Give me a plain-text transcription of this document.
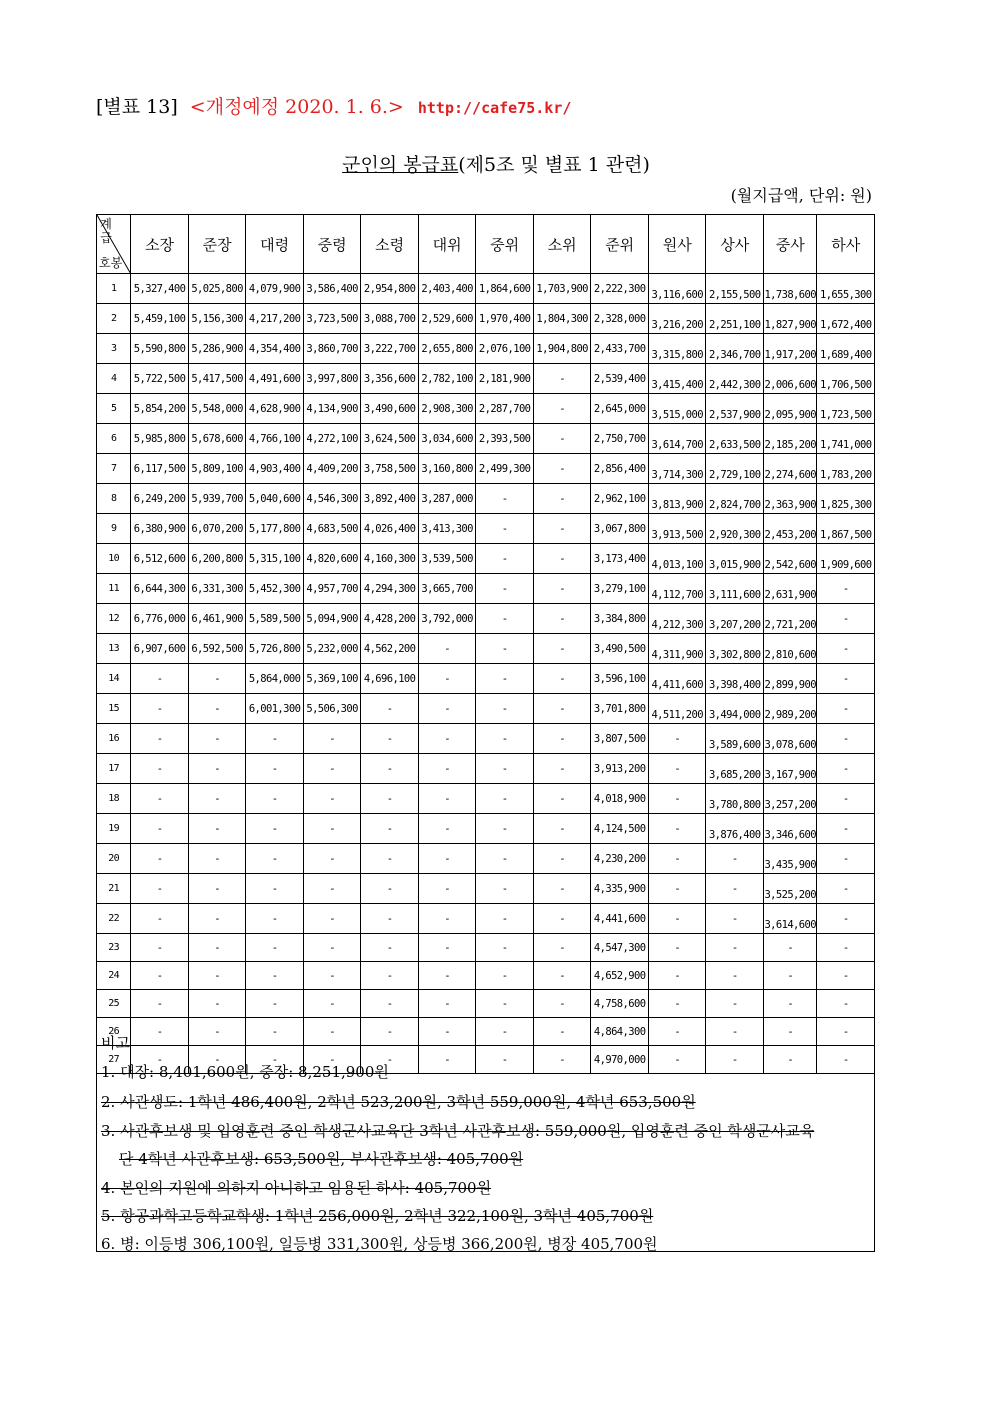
[별표 13] <개정예정 2020. 1. 6.> http://cafe75.kr/
군인의 봉급표(제5조 및 별표 1 관련)
(월지급액, 단위: 원)
계급
호봉	소장	준장	대령	중령	소령	대위	중위	소위	준위	원사	상사	중사	하사
1	5,327,400	5,025,800	4,079,900	3,586,400	2,954,800	2,403,400	1,864,600	1,703,900	2,222,300	3,116,600	2,155,500	1,738,600	1,655,300
2	5,459,100	5,156,300	4,217,200	3,723,500	3,088,700	2,529,600	1,970,400	1,804,300	2,328,000	3,216,200	2,251,100	1,827,900	1,672,400
3	5,590,800	5,286,900	4,354,400	3,860,700	3,222,700	2,655,800	2,076,100	1,904,800	2,433,700	3,315,800	2,346,700	1,917,200	1,689,400
4	5,722,500	5,417,500	4,491,600	3,997,800	3,356,600	2,782,100	2,181,900	-	2,539,400	3,415,400	2,442,300	2,006,600	1,706,500
5	5,854,200	5,548,000	4,628,900	4,134,900	3,490,600	2,908,300	2,287,700	-	2,645,000	3,515,000	2,537,900	2,095,900	1,723,500
6	5,985,800	5,678,600	4,766,100	4,272,100	3,624,500	3,034,600	2,393,500	-	2,750,700	3,614,700	2,633,500	2,185,200	1,741,000
7	6,117,500	5,809,100	4,903,400	4,409,200	3,758,500	3,160,800	2,499,300	-	2,856,400	3,714,300	2,729,100	2,274,600	1,783,200
8	6,249,200	5,939,700	5,040,600	4,546,300	3,892,400	3,287,000	-	-	2,962,100	3,813,900	2,824,700	2,363,900	1,825,300
9	6,380,900	6,070,200	5,177,800	4,683,500	4,026,400	3,413,300	-	-	3,067,800	3,913,500	2,920,300	2,453,200	1,867,500
10	6,512,600	6,200,800	5,315,100	4,820,600	4,160,300	3,539,500	-	-	3,173,400	4,013,100	3,015,900	2,542,600	1,909,600
11	6,644,300	6,331,300	5,452,300	4,957,700	4,294,300	3,665,700	-	-	3,279,100	4,112,700	3,111,600	2,631,900	-
12	6,776,000	6,461,900	5,589,500	5,094,900	4,428,200	3,792,000	-	-	3,384,800	4,212,300	3,207,200	2,721,200	-
13	6,907,600	6,592,500	5,726,800	5,232,000	4,562,200	-	-	-	3,490,500	4,311,900	3,302,800	2,810,600	-
14	-	-	5,864,000	5,369,100	4,696,100	-	-	-	3,596,100	4,411,600	3,398,400	2,899,900	-
15	-	-	6,001,300	5,506,300	-	-	-	-	3,701,800	4,511,200	3,494,000	2,989,200	-
16	-	-	-	-	-	-	-	-	3,807,500	-	3,589,600	3,078,600	-
17	-	-	-	-	-	-	-	-	3,913,200	-	3,685,200	3,167,900	-
18	-	-	-	-	-	-	-	-	4,018,900	-	3,780,800	3,257,200	-
19	-	-	-	-	-	-	-	-	4,124,500	-	3,876,400	3,346,600	-
20	-	-	-	-	-	-	-	-	4,230,200	-	-	3,435,900	-
21	-	-	-	-	-	-	-	-	4,335,900	-	-	3,525,200	-
22	-	-	-	-	-	-	-	-	4,441,600	-	-	3,614,600	-
23	-	-	-	-	-	-	-	-	4,547,300	-	-	-	-
24	-	-	-	-	-	-	-	-	4,652,900	-	-	-	-
25	-	-	-	-	-	-	-	-	4,758,600	-	-	-	-
26	-	-	-	-	-	-	-	-	4,864,300	-	-	-	-
27	-	-	-	-	-	-	-	-	4,970,000	-	-	-	-
비고
1. 대장: 8,401,600원, 중장: 8,251,900원
2. 사관생도: 1학년 486,400원, 2학년 523,200원, 3학년 559,000원, 4학년 653,500원
3. 사관후보생 및 입영훈련 중인 학생군사교육단 3학년 사관후보생: 559,000원, 입영훈련 중인 학생군사교육
단 4학년 사관후보생: 653,500원, 부사관후보생: 405,700원
4. 본인의 지원에 의하지 아니하고 임용된 하사: 405,700원
5. 항공과학고등학교학생: 1학년 256,000원, 2학년 322,100원, 3학년 405,700원
6. 병: 이등병 306,100원, 일등병 331,300원, 상등병 366,200원, 병장 405,700원
